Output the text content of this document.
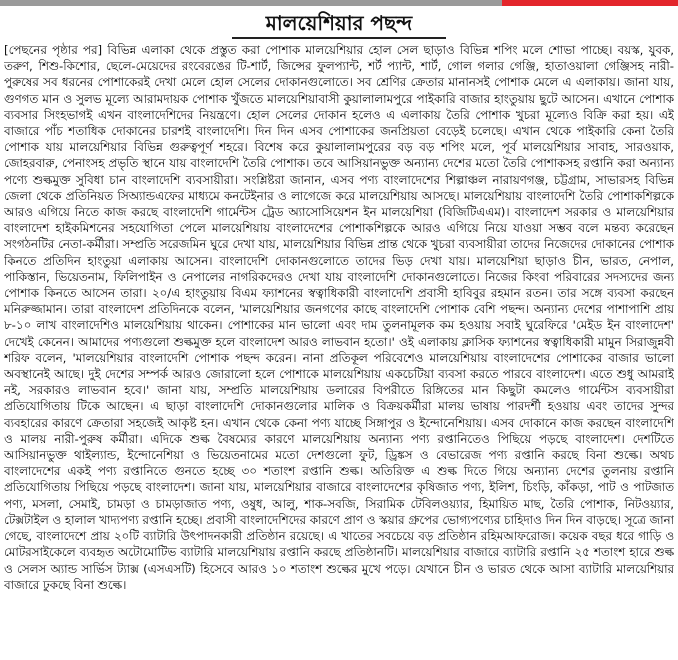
মালয়েশিয়ার পছন্দ

[পেছনের পৃষ্ঠার পর] বিভিন্ন এলাকা থেকে প্রস্তুত করা পোশাক মালয়েশিয়ার হোল সেল ছাড়াও বিভিন্ন শপিং মলে শোভা পাচ্ছে। বয়স্ক, যুবক, তরুণ, শিশু-কিশোর, ছেলে-মেয়েদের রংবেরঙের টি-শার্ট, জিন্সের ফুলপ্যান্ট, শর্ট প্যান্ট, শার্ট, গোল গলার গেঞ্জি, হাতাওয়ালা গেঞ্জিসহ নারী-পুরুষের সব ধরনের পোশাকেরই দেখা মেলে হোল সেলের দোকানগুলোতে। সব শ্রেণির ক্রেতার মানানসই পোশাক মেলে এ এলাকায়। জানা যায়, গুণগত মান ও সুলভ মূল্যে আরামদায়ক পোশাক খুঁজতে মালয়েশিয়াবাসী কুয়ালালামপুরে পাইকারি বাজার হাংতুয়ায় ছুটে আসেন। এখানে পোশাক ব্যবসার সিংহভাগই এখন বাংলাদেশিদের নিয়ন্ত্রণে। হোল সেলের দোকান হলেও এ এলাকায় তৈরি পোশাক খুচরা মূল্যেও বিক্রি করা হয়। এই বাজারে পাঁচ শতাধিক দোকানের চারশই বাংলাদেশি। দিন দিন এসব পোশাকের জনপ্রিয়তা বেড়েই চলেছে। এখান থেকে পাইকারি কেনা তৈরি পোশাক যায় মালয়েশিয়ার বিভিন্ন গুরুত্বপূর্ণ শহরে। বিশেষ করে কুয়ালালামপুরের বড় বড় শপিং মলে, পূর্ব মালয়েশিয়ার সাবাহ, সারওয়াক, জোহরবারু, পেনাংসহ প্রভৃতি স্থানে যায় বাংলাদেশি তৈরি পোশাক। তবে আসিয়ানভুক্ত অন্যান্য দেশের মতো তৈরি পোশাকসহ রপ্তানি করা অন্যান্য পণ্যে শুল্কমুক্ত সুবিধা চান বাংলাদেশি ব্যবসায়ীরা। সংশ্লিষ্টরা জানান, এসব পণ্য বাংলাদেশের শিল্পাঞ্চল নারায়ণগঞ্জ, চট্টগ্রাম, সাভারসহ বিভিন্ন জেলা থেকে প্রতিনিয়ত সিঅ্যান্ডএফের মাধ্যমে কনটেইনার ও লাগেজে করে মালয়েশিয়ায় আসছে। মালয়েশিয়ায় বাংলাদেশি তৈরি পোশাকশিল্পকে আরও এগিয়ে নিতে কাজ করছে বাংলাদেশি গার্মেন্টস ট্রেড অ্যাসোসিয়েশন ইন মালয়েশিয়া (বিজিটিএএম)। বাংলাদেশ সরকার ও মালয়েশিয়ার বাংলাদেশ হাইকমিশনের সহযোগিতা পেলে মালয়েশিয়ায় বাংলাদেশের পোশাকশিল্পকে আরও এগিয়ে নিয়ে যাওয়া সম্ভব বলে মন্তব্য করেছেন সংগঠনটির নেতা-কর্মীরা। সম্প্রতি সরেজমিন ঘুরে দেখা যায়, মালয়েশিয়ার বিভিন্ন প্রান্ত থেকে খুচরা ব্যবসায়ীরা তাদের নিজেদের দোকানের পোশাক কিনতে প্রতিদিন হাংতুয়া এলাকায় আসেন। বাংলাদেশি দোকানগুলোতে তাদের ভিড় দেখা যায়। মালয়েশিয়া ছাড়াও চীন, ভারত, নেপাল, পাকিস্তান, ভিয়েতনাম, ফিলিপাইন ও নেপালের নাগরিকদেরও দেখা যায় বাংলাদেশি দোকানগুলোতে। নিজের কিংবা পরিবারের সদস্যদের জন্য পোশাক কিনতে আসেন তারা। ২০/এ হাংতুয়ায় বিএম ফ্যাশনের স্বত্বাধিকারী বাংলাদেশি প্রবাসী হাবিবুর রহমান রতন। তার সঙ্গে ব্যবসা করছেন মনিরুজ্জামান। তারা বাংলাদেশ প্রতিদিনকে বলেন, 'মালয়েশিয়ার জনগণের কাছে বাংলাদেশি পোশাক বেশি পছন্দ। অন্যান্য দেশের পাশাপাশি প্রায় ৮-১০ লাখ বাংলাদেশিও মালয়েশিয়ায় থাকেন। পোশাকের মান ভালো এবং দাম তুলনামূলক কম হওয়ায় সবাই ঘুরেফিরে 'মেইড ইন বাংলাদেশ' দেখেই কেনেন। আমাদের পণ্যগুলো শুল্কমুক্ত হলে বাংলাদেশ আরও লাভবান হতো।' ওই এলাকায় ক্লাসিক ফ্যাশনের স্বত্বাধিকারী মামুন সিরাজুন্নবী শরিফ বলেন, 'মালয়েশিয়ার বাংলাদেশি পোশাক পছন্দ করেন। নানা প্রতিকূল পরিবেশেও মালয়েশিয়ায় বাংলাদেশের পোশাকের বাজার ভালো অবস্থানেই আছে। দুই দেশের সম্পর্ক আরও জোরালো হলে পোশাকে মালয়েশিয়ায় একচেটিয়া ব্যবসা করতে পারবে বাংলাদেশ। এতে শুধু আমরাই নই, সরকারও লাভবান হবে।' জানা যায়, সম্প্রতি মালয়েশিয়ায় ডলারের বিপরীতে রিঙ্গিতের মান কিছুটা কমলেও গার্মেন্টস ব্যবসায়ীরা প্রতিযোগিতায় টিকে আছেন। এ ছাড়া বাংলাদেশি দোকানগুলোর মালিক ও বিক্রয়কর্মীরা মালয় ভাষায় পারদর্শী হওয়ায় এবং তাদের সুন্দর ব্যবহারের কারণে ক্রেতারা সহজেই আকৃষ্ট হন। এখান থেকে কেনা পণ্য যাচ্ছে সিঙ্গাপুর ও ইন্দোনেশিয়ায়। এসব দোকানে কাজ করছেন বাংলাদেশি ও মালয় নারী-পুরুষ কর্মীরা। এদিকে শুল্ক বৈষম্যের কারণে মালয়েশিয়ায় অন্যান্য পণ্য রপ্তানিতেও পিছিয়ে পড়ছে বাংলাদেশ। দেশটিতে আসিয়ানভুক্ত থাইল্যান্ড, ইন্দোনেশিয়া ও ভিয়েতনামের মতো দেশগুলো ফুট, ড্রিঙ্কস ও বেভারেজ পণ্য রপ্তানি করছে বিনা শুল্কে। অথচ বাংলাদেশের একই পণ্য রপ্তানিতে গুনতে হচ্ছে ৩০ শতাংশ রপ্তানি শুল্ক। অতিরিক্ত এ শুল্ক দিতে গিয়ে অন্যান্য দেশের তুলনায় রপ্তানি প্রতিযোগিতায় পিছিয়ে পড়ছে বাংলাদেশ। জানা যায়, মালয়েশিয়ার বাজারে বাংলাদেশের কৃষিজাত পণ্য, ইলিশ, চিংড়ি, কাঁকড়া, পাট ও পাটজাত পণ্য, মসলা, সেমাই, চামড়া ও চামড়াজাত পণ্য, ওষুধ, আলু, শাক-সবজি, সিরামিক টেবিলওয়্যার, হিমায়িত মাছ, তৈরি পোশাক, নিটওয়্যার, টেক্সটাইল ও হালাল খাদ্যপণ্য রপ্তানি হচ্ছে। প্রবাসী বাংলাদেশিদের কারণে প্রাণ ও স্কয়ার গ্রুপের ভোগ্যপণ্যের চাহিদাও দিন দিন বাড়ছে। সূত্রে জানা গেছে, বাংলাদেশে প্রায় ২০টি ব্যাটারি উৎপাদনকারী প্রতিষ্ঠান রয়েছে। এ খাতের সবচেয়ে বড় প্রতিষ্ঠান রহিমআফরোজ। কয়েক বছর ধরে গাড়ি ও মোটরসাইকেলে ব্যবহৃত অটোমোটিভ ব্যাটারি মালয়েশিয়ায় রপ্তানি করছে প্রতিষ্ঠানটি। মালয়েশিয়ার বাজারে ব্যাটারি রপ্তানি ২৫ শতাংশ হারে শুল্ক ও সেলস অ্যান্ড সার্ভিস ট্যাক্স (এসএসটি) হিসেবে আরও ১০ শতাংশ শুল্কের মুখে পড়ে। যেখানে চীন ও ভারত থেকে আসা ব্যাটারি মালয়েশিয়ার বাজারে ঢুকছে বিনা শুল্কে।
